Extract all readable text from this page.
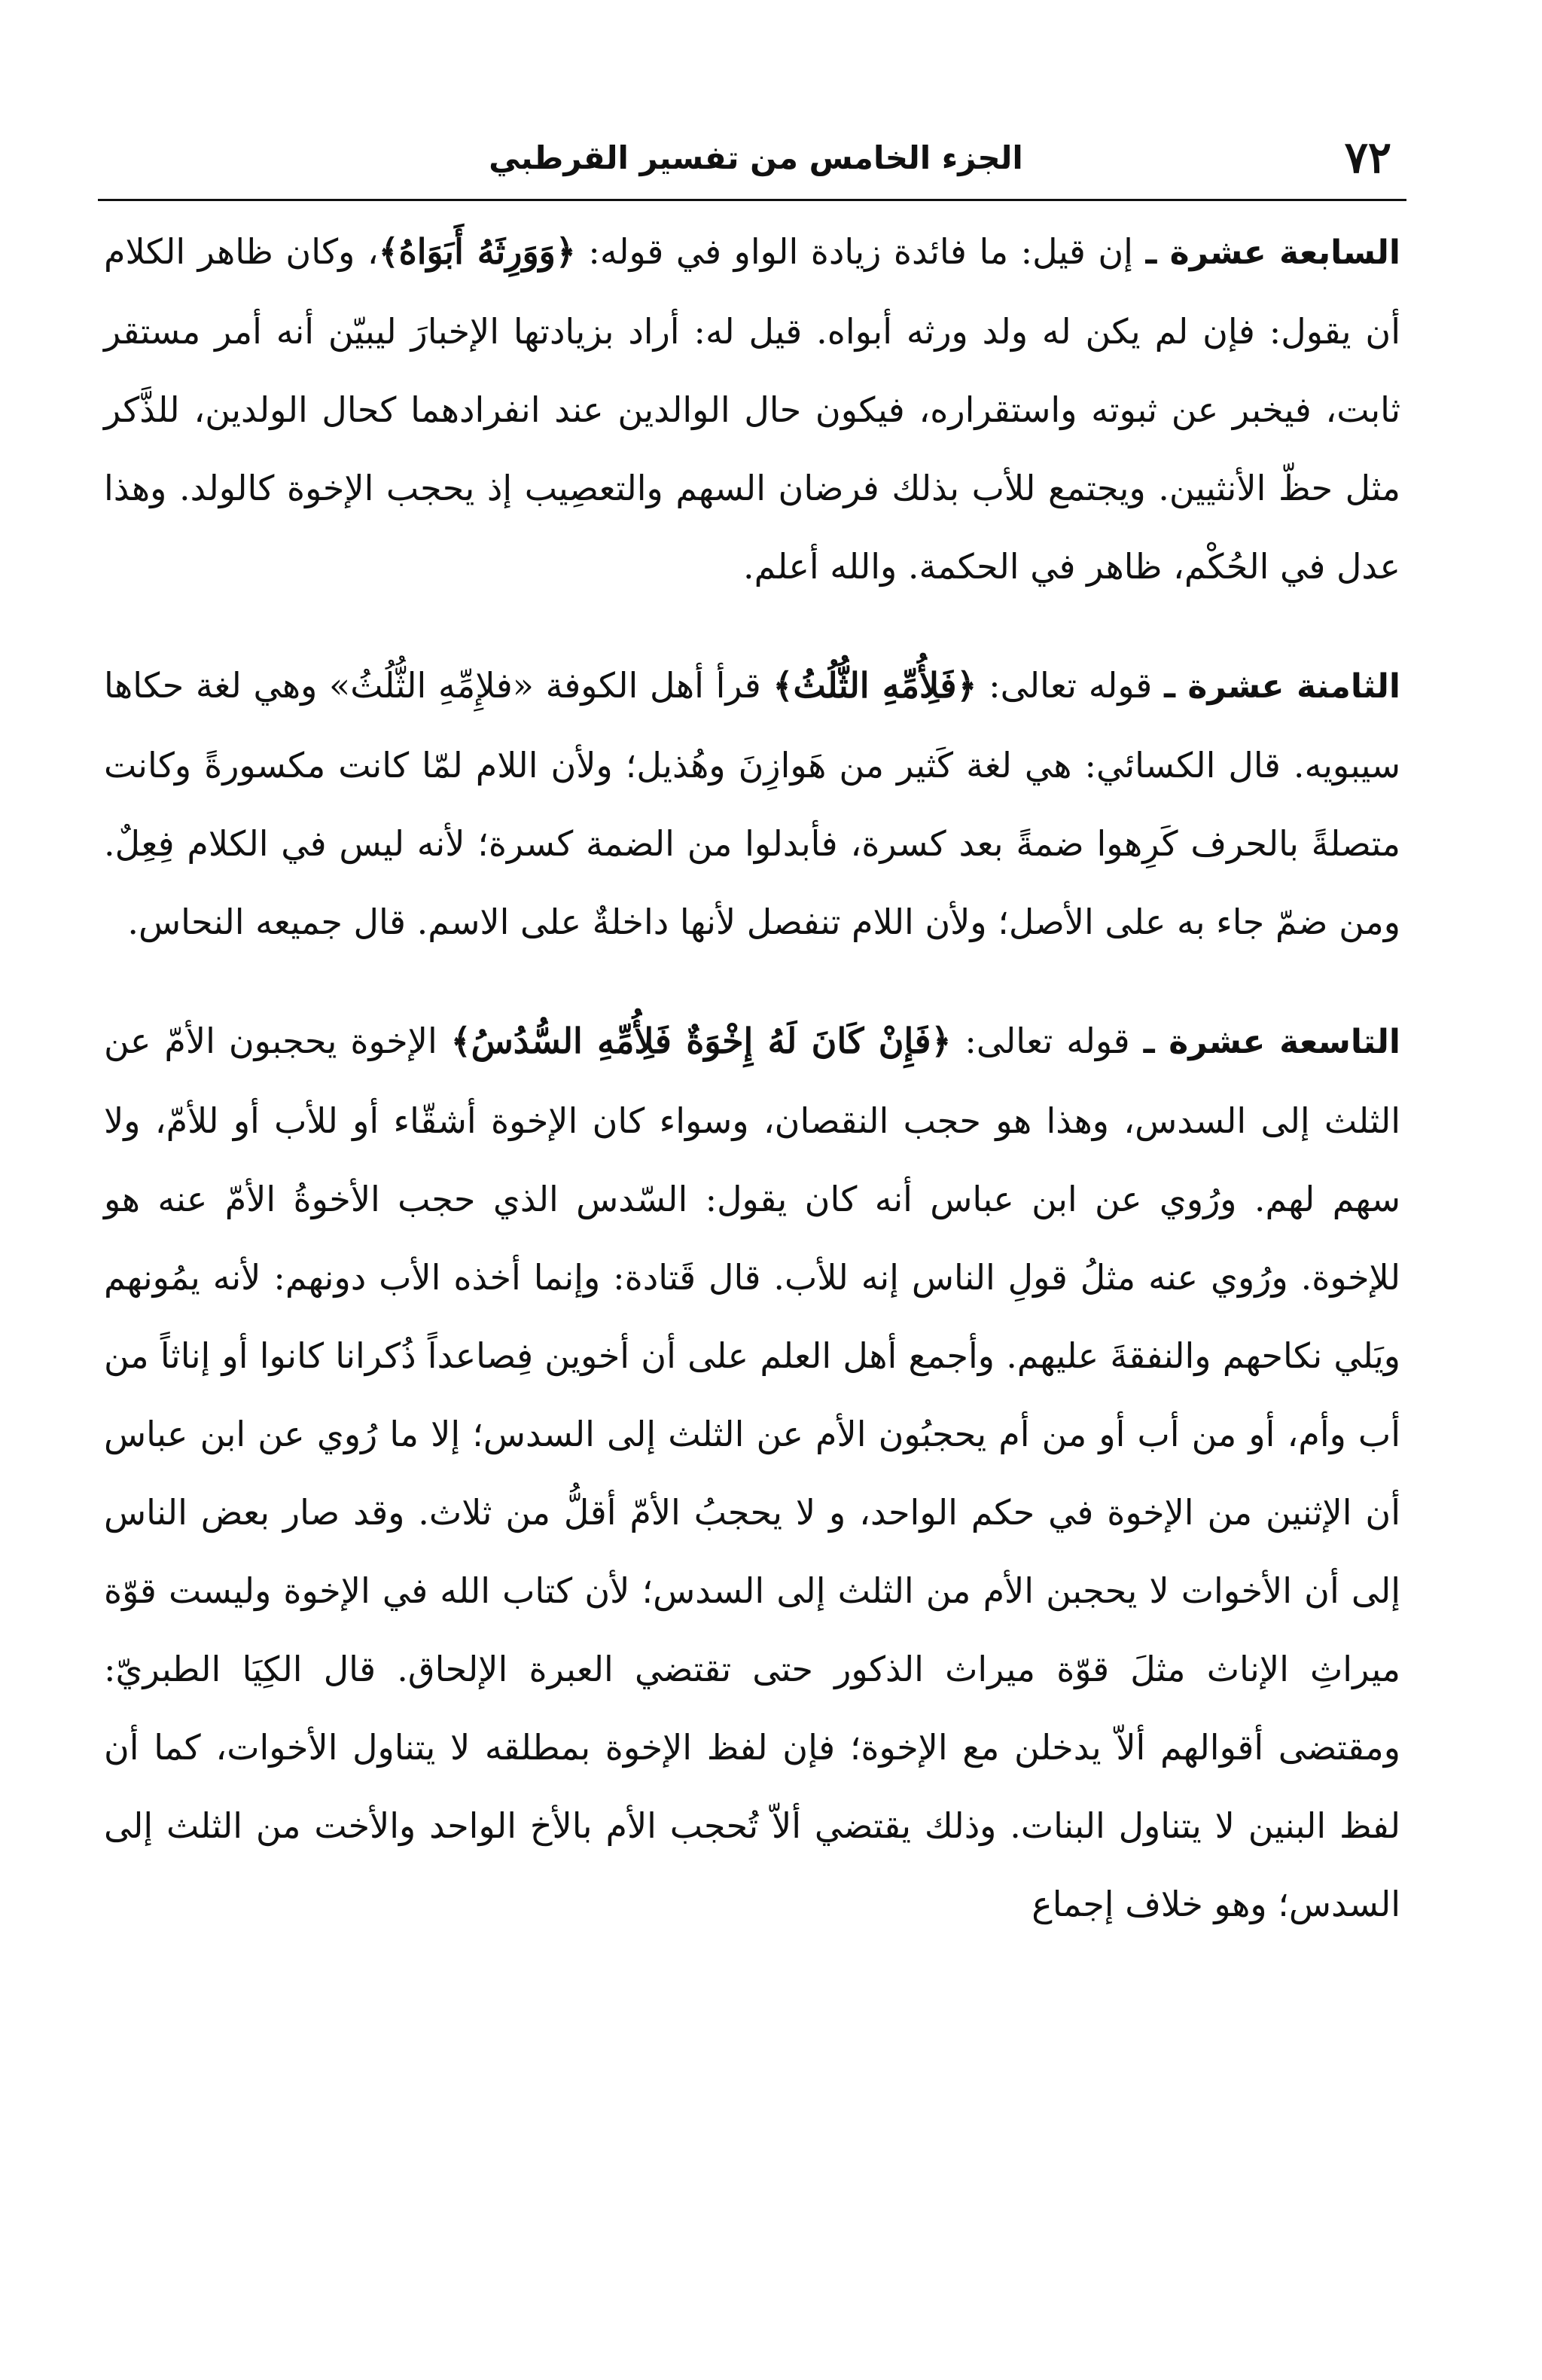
٧٢
الجزء الخامس من تفسير القرطبي

السابعة عشرة ـ إن قيل: ما فائدة زيادة الواو في قوله: ﴿وَوَرِثَهُ أَبَوَاهُ﴾، وكان ظاهر الكلام أن يقول: فإن لم يكن له ولد ورثه أبواه. قيل له: أراد بزيادتها الإخبارَ ليبيّن أنه أمر مستقر ثابت، فيخبر عن ثبوته واستقراره، فيكون حال الوالدين عند انفرادهما كحال الولدين، للذَّكر مثل حظّ الأنثيين. ويجتمع للأب بذلك فرضان السهم والتعصِيب إذ يحجب الإخوة كالولد. وهذا عدل في الحُكْم، ظاهر في الحكمة. والله أعلم.

الثامنة عشرة ـ قوله تعالى: ﴿فَلِأُمِّهِ الثُّلُثُ﴾ قرأ أهل الكوفة «فلإِمِّهِ الثُّلُثُ» وهي لغة حكاها سيبويه. قال الكسائي: هي لغة كَثير من هَوازِنَ وهُذيل؛ ولأن اللام لمّا كانت مكسورةً وكانت متصلةً بالحرف كَرِهوا ضمةً بعد كسرة، فأبدلوا من الضمة كسرة؛ لأنه ليس في الكلام فِعِلٌ. ومن ضمّ جاء به على الأصل؛ ولأن اللام تنفصل لأنها داخلةٌ على الاسم. قال جميعه النحاس.

التاسعة عشرة ـ قوله تعالى: ﴿فَإِنْ كَانَ لَهُ إِخْوَةٌ فَلِأُمِّهِ السُّدُسُ﴾ الإخوة يحجبون الأمّ عن الثلث إلى السدس، وهذا هو حجب النقصان، وسواء كان الإخوة أشقّاء أو للأب أو للأمّ، ولا سهم لهم. ورُوي عن ابن عباس أنه كان يقول: السّدس الذي حجب الأخوةُ الأمّ عنه هو للإخوة. ورُوي عنه مثلُ قولِ الناس إنه للأب. قال قَتادة: وإنما أخذه الأب دونهم: لأنه يمُونهم ويَلي نكاحهم والنفقةَ عليهم. وأجمع أهل العلم على أن أخوين فِصاعداً ذُكرانا كانوا أو إناثاً من أب وأم، أو من أب أو من أم يحجبُون الأم عن الثلث إلى السدس؛ إلا ما رُوي عن ابن عباس أن الإثنين من الإخوة في حكم الواحد، و لا يحجبُ الأمّ أقلُّ من ثلاث. وقد صار بعض الناس إلى أن الأخوات لا يحجبن الأم من الثلث إلى السدس؛ لأن كتاب الله في الإخوة وليست قوّة ميراثِ الإناث مثلَ قوّة ميراث الذكور حتى تقتضي العبرة الإلحاق. قال الكِيَا الطبريّ: ومقتضى أقوالهم ألاّ يدخلن مع الإخوة؛ فإن لفظ الإخوة بمطلقه لا يتناول الأخوات، كما أن لفظ البنين لا يتناول البنات. وذلك يقتضي ألاّ تُحجب الأم بالأخ الواحد والأخت من الثلث إلى السدس؛ وهو خلاف إجماع
